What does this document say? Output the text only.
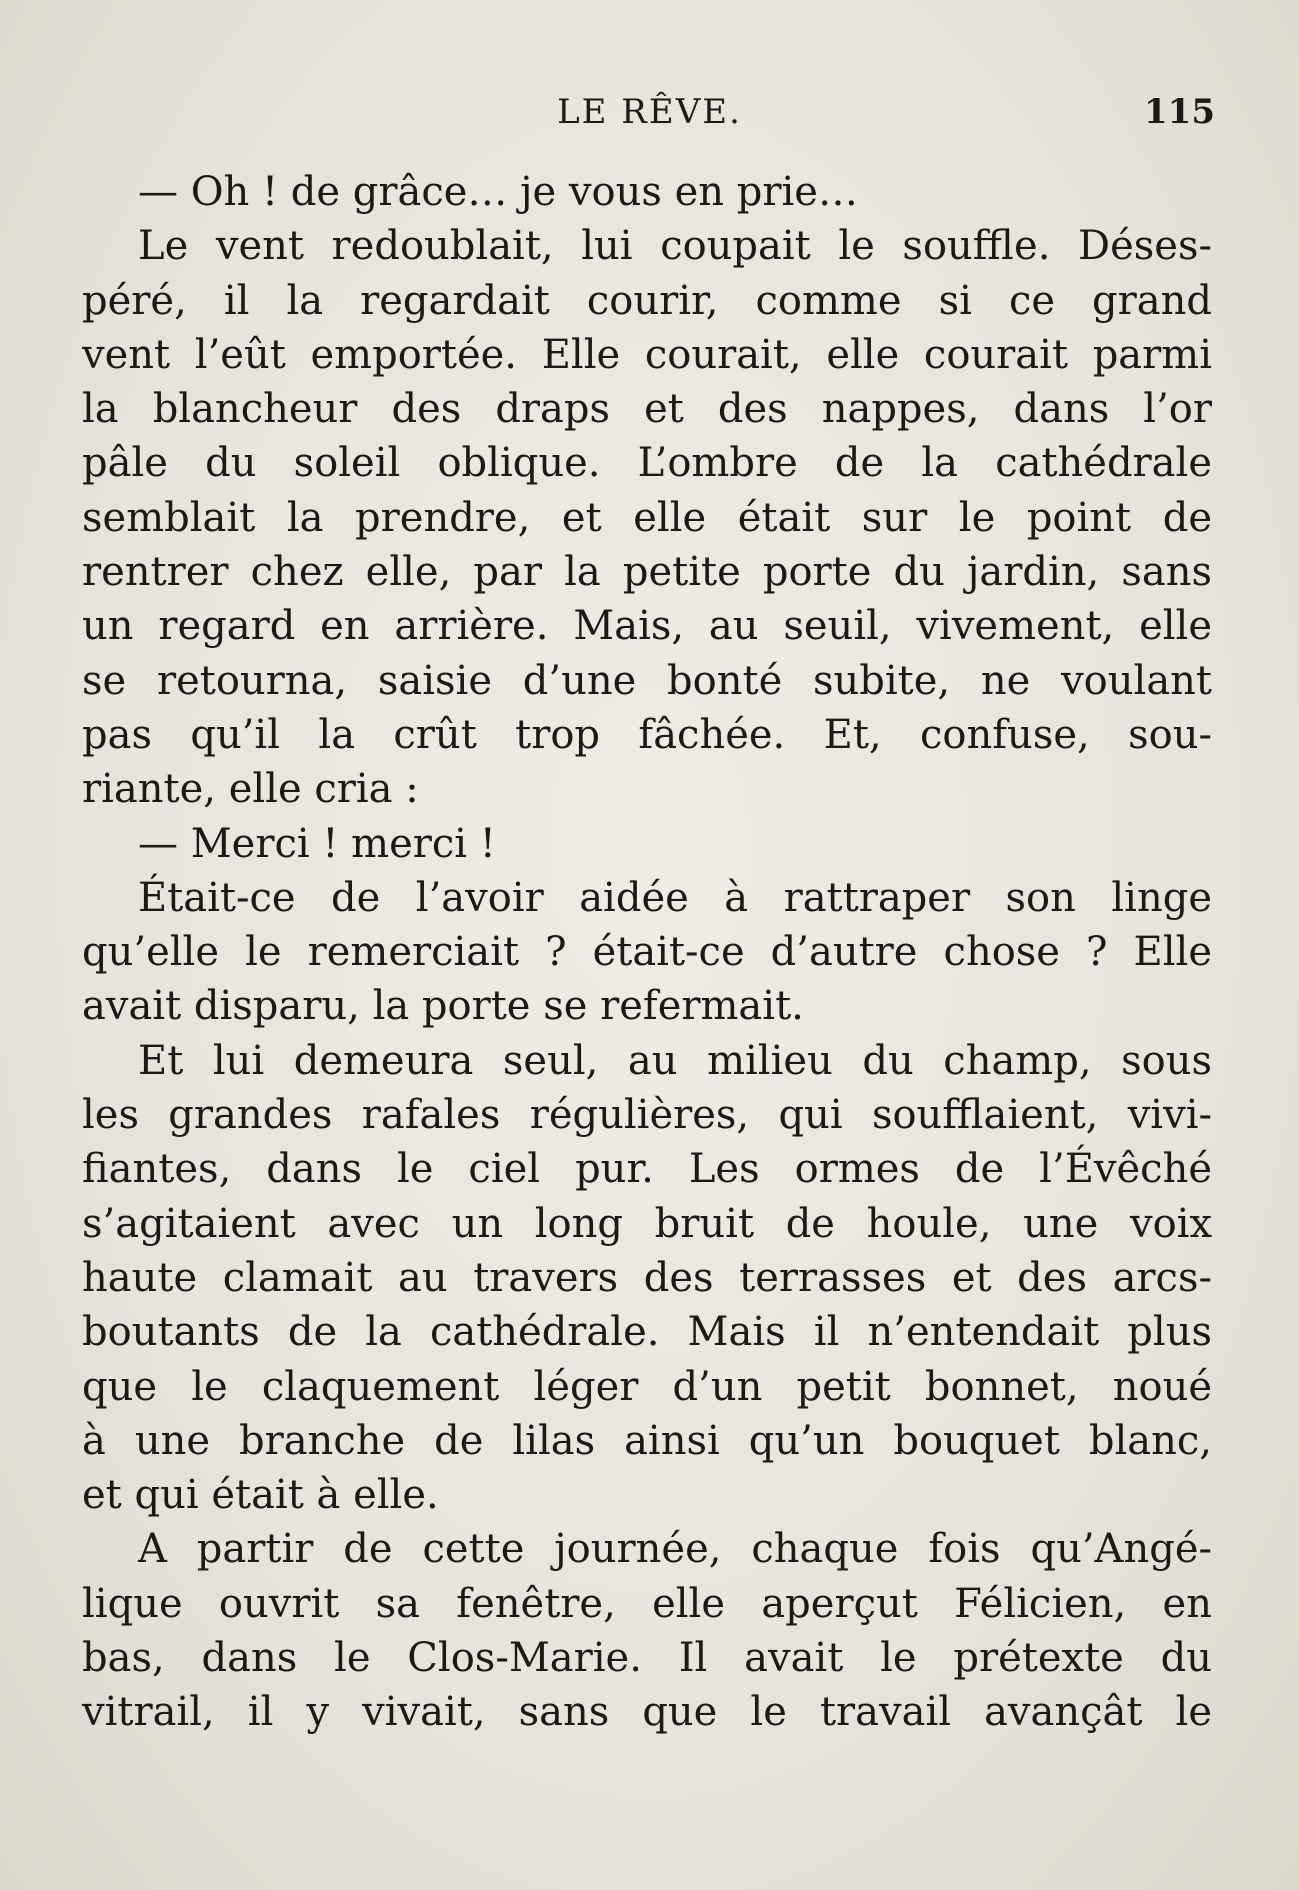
LE RÊVE.	115
— Oh ! de grâce… je vous en prie…
Le vent redoublait, lui coupait le souffle. Déses-
péré, il la regardait courir, comme si ce grand
vent l’eût emportée. Elle courait, elle courait parmi
la blancheur des draps et des nappes, dans l’or
pâle du soleil oblique. L’ombre de la cathédrale
semblait la prendre, et elle était sur le point de
rentrer chez elle, par la petite porte du jardin, sans
un regard en arrière. Mais, au seuil, vivement, elle
se retourna, saisie d’une bonté subite, ne voulant
pas qu’il la crût trop fâchée. Et, confuse, sou-
riante, elle cria :
— Merci ! merci !
Était-ce de l’avoir aidée à rattraper son linge
qu’elle le remerciait ? était-ce d’autre chose ? Elle
avait disparu, la porte se refermait.
Et lui demeura seul, au milieu du champ, sous
les grandes rafales régulières, qui soufflaient, vivi-
fiantes, dans le ciel pur. Les ormes de l’Évêché
s’agitaient avec un long bruit de houle, une voix
haute clamait au travers des terrasses et des arcs-
boutants de la cathédrale. Mais il n’entendait plus
que le claquement léger d’un petit bonnet, noué
à une branche de lilas ainsi qu’un bouquet blanc,
et qui était à elle.
A partir de cette journée, chaque fois qu’Angé-
lique ouvrit sa fenêtre, elle aperçut Félicien, en
bas, dans le Clos-Marie. Il avait le prétexte du
vitrail, il y vivait, sans que le travail avançât le
